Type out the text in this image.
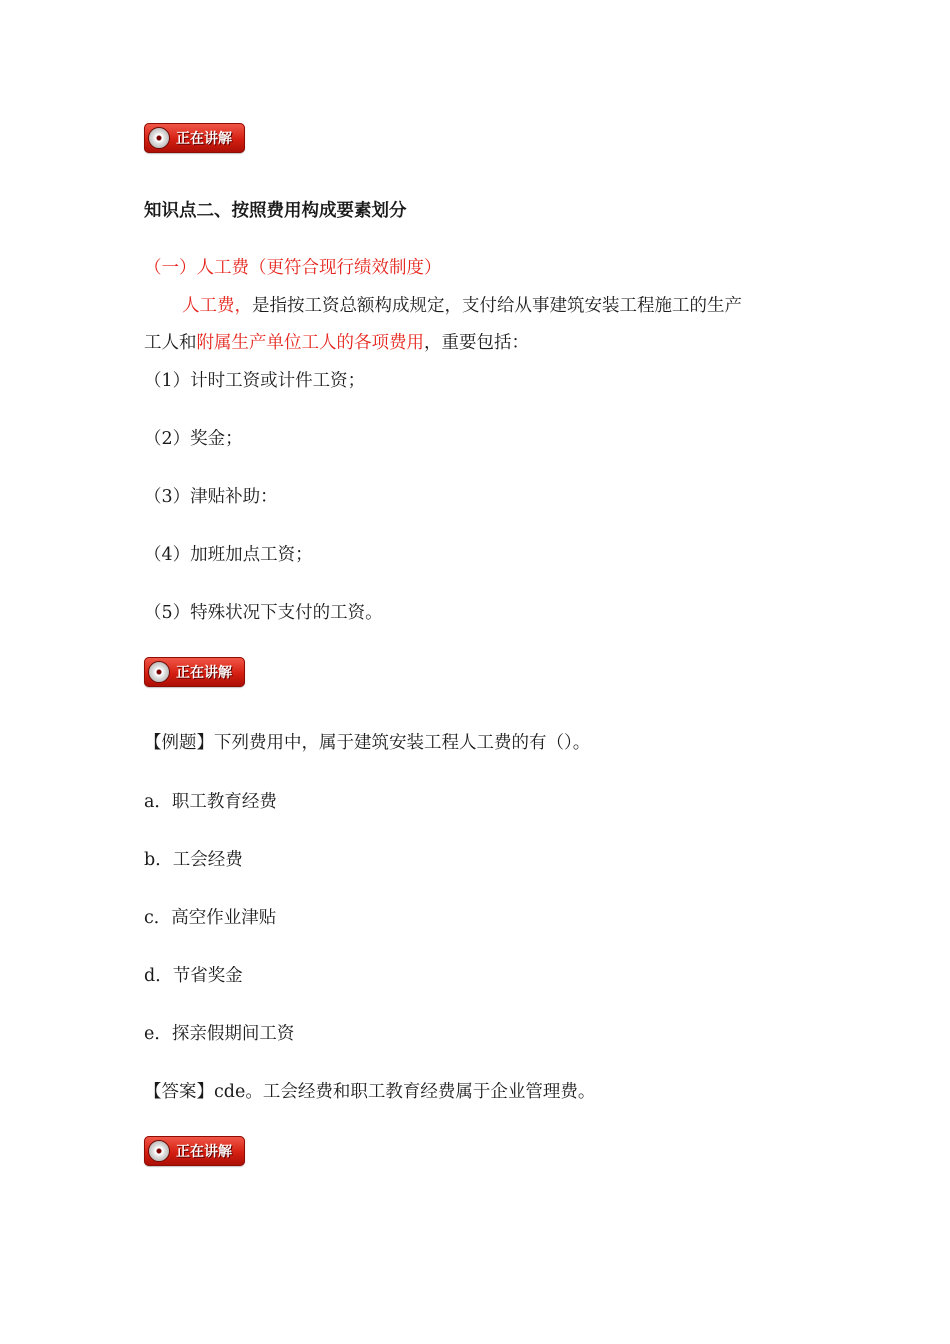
正在讲解

知识点二、按照费用构成要素划分

（一）人工费（更符合现行绩效制度）

人工费，是指按工资总额构成规定，支付给从事建筑安装工程施工的生产

工人和附属生产单位工人的各项费用，重要包括：

（1）计时工资或计件工资；

（2）奖金；

（3）津贴补助：

（4）加班加点工资；

（5）特殊状况下支付的工资。

正在讲解

【例题】下列费用中，属于建筑安装工程人工费的有（）。

a．职工教育经费

b．工会经费

c．高空作业津贴

d．节省奖金

e．探亲假期间工资

【答案】cde。工会经费和职工教育经费属于企业管理费。

正在讲解
